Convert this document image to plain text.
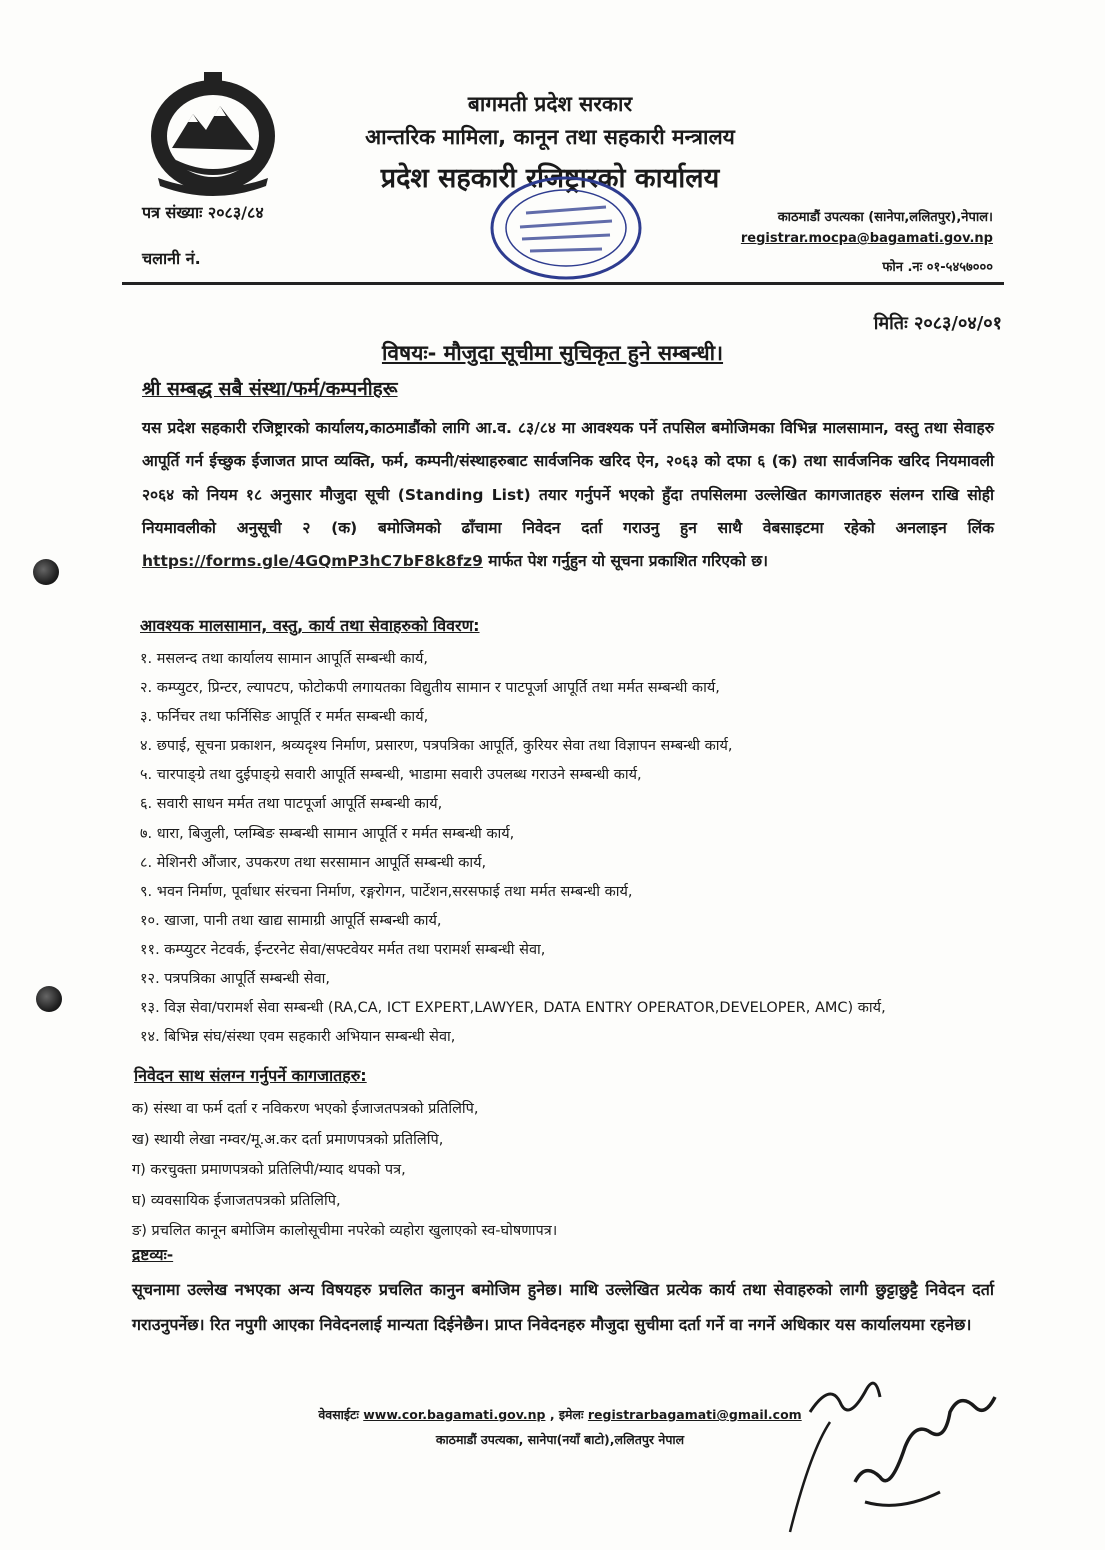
बागमती प्रदेश सरकार
आन्तरिक मामिला, कानून तथा सहकारी मन्त्रालय
प्रदेश सहकारी रजिष्ट्रारको कार्यालय
पत्र संख्याः २०८३/८४
चलानी नं.
काठमाडौं उपत्यका (सानेपा,ललितपुर),नेपाल।
registrar.mocpa@bagamati.gov.np
फोन .नः ०१-५४५७०००
मितिः २०८३/०४/०१
विषयः- मौजुदा सूचीमा सुचिकृत हुने सम्बन्धी।
श्री सम्बद्ध सबै संस्था/फर्म/कम्पनीहरू
यस प्रदेश सहकारी रजिष्ट्रारको कार्यालय,काठमाडौंको लागि आ.व. ८३/८४ मा आवश्यक पर्ने तपसिल बमोजिमका विभिन्न मालसामान, वस्तु तथा सेवाहरु आपूर्ति गर्न ईच्छुक ईजाजत प्राप्त व्यक्ति, फर्म, कम्पनी/संस्थाहरुबाट सार्वजनिक खरिद ऐन, २०६३ को दफा ६ (क) तथा सार्वजनिक खरिद नियमावली २०६४ को नियम १८ अनुसार मौजुदा सूची (Standing List) तयार गर्नुपर्ने भएको हुँदा तपसिलमा उल्लेखित कागजातहरु संलग्न राखि सोही नियमावलीको अनुसूची २ (क) बमोजिमको ढाँचामा निवेदन दर्ता गराउनु हुन साथै वेबसाइटमा रहेको अनलाइन लिंक https://forms.gle/4GQmP3hC7bF8k8fz9 मार्फत पेश गर्नुहुन यो सूचना प्रकाशित गरिएको छ।
आवश्यक मालसामान, वस्तु, कार्य तथा सेवाहरुको विवरण:
१. मसलन्द तथा कार्यालय सामान आपूर्ति सम्बन्धी कार्य,
२. कम्प्युटर, प्रिन्टर, ल्यापटप, फोटोकपी लगायतका विद्युतीय सामान र पाटपूर्जा आपूर्ति तथा मर्मत सम्बन्धी कार्य,
३. फर्निचर तथा फर्निसिङ आपूर्ति र मर्मत सम्बन्धी कार्य,
४. छपाई, सूचना प्रकाशन, श्रव्यदृश्य निर्माण, प्रसारण, पत्रपत्रिका आपूर्ति, कुरियर सेवा तथा विज्ञापन सम्बन्धी कार्य,
५. चारपाङ्ग्रे तथा दुईपाङ्ग्रे सवारी आपूर्ति सम्बन्धी, भाडामा सवारी उपलब्ध गराउने सम्बन्धी कार्य,
६. सवारी साधन मर्मत तथा पाटपूर्जा आपूर्ति सम्बन्धी कार्य,
७. धारा, बिजुली, प्लम्बिङ सम्बन्धी सामान आपूर्ति र मर्मत सम्बन्धी कार्य,
८. मेशिनरी औंजार, उपकरण तथा सरसामान आपूर्ति सम्बन्धी कार्य,
९. भवन निर्माण, पूर्वाधार संरचना निर्माण, रङ्गरोगन, पार्टेशन,सरसफाई तथा मर्मत सम्बन्धी कार्य,
१०. खाजा, पानी तथा खाद्य सामाग्री आपूर्ति सम्बन्धी कार्य,
११. कम्प्युटर नेटवर्क, ईन्टरनेट सेवा/सफ्टवेयर मर्मत तथा परामर्श सम्बन्धी सेवा,
१२. पत्रपत्रिका आपूर्ति सम्बन्धी सेवा,
१३. विज्ञ सेवा/परामर्श सेवा सम्बन्धी (RA,CA, ICT EXPERT,LAWYER, DATA ENTRY OPERATOR,DEVELOPER, AMC) कार्य,
१४. बिभिन्न संघ/संस्था एवम सहकारी अभियान सम्बन्धी सेवा,
निवेदन साथ संलग्न गर्नुपर्ने कागजातहरु:
क) संस्था वा फर्म दर्ता र नविकरण भएको ईजाजतपत्रको प्रतिलिपि,
ख) स्थायी लेखा नम्वर/मू.अ.कर दर्ता प्रमाणपत्रको प्रतिलिपि,
ग) करचुक्ता प्रमाणपत्रको प्रतिलिपी/म्याद थपको पत्र,
घ) व्यवसायिक ईजाजतपत्रको प्रतिलिपि,
ङ) प्रचलित कानून बमोजिम कालोसूचीमा नपरेको व्यहोरा खुलाएको स्व-घोषणापत्र।
द्रष्टव्यः-
सूचनामा उल्लेख नभएका अन्य विषयहरु प्रचलित कानुन बमोजिम हुनेछ। माथि उल्लेखित प्रत्येक कार्य तथा सेवाहरुको लागी छुट्टाछुट्टै निवेदन दर्ता गराउनुपर्नेछ। रित नपुगी आएका निवेदनलाई मान्यता दिईनेछैन। प्राप्त निवेदनहरु मौजुदा सुचीमा दर्ता गर्ने वा नगर्ने अधिकार यस कार्यालयमा रहनेछ।
वेवसाईटः www.cor.bagamati.gov.np , इमेलः registrarbagamati@gmail.com
काठमाडौं उपत्यका, सानेपा(नयाँ बाटो),ललितपुर नेपाल
